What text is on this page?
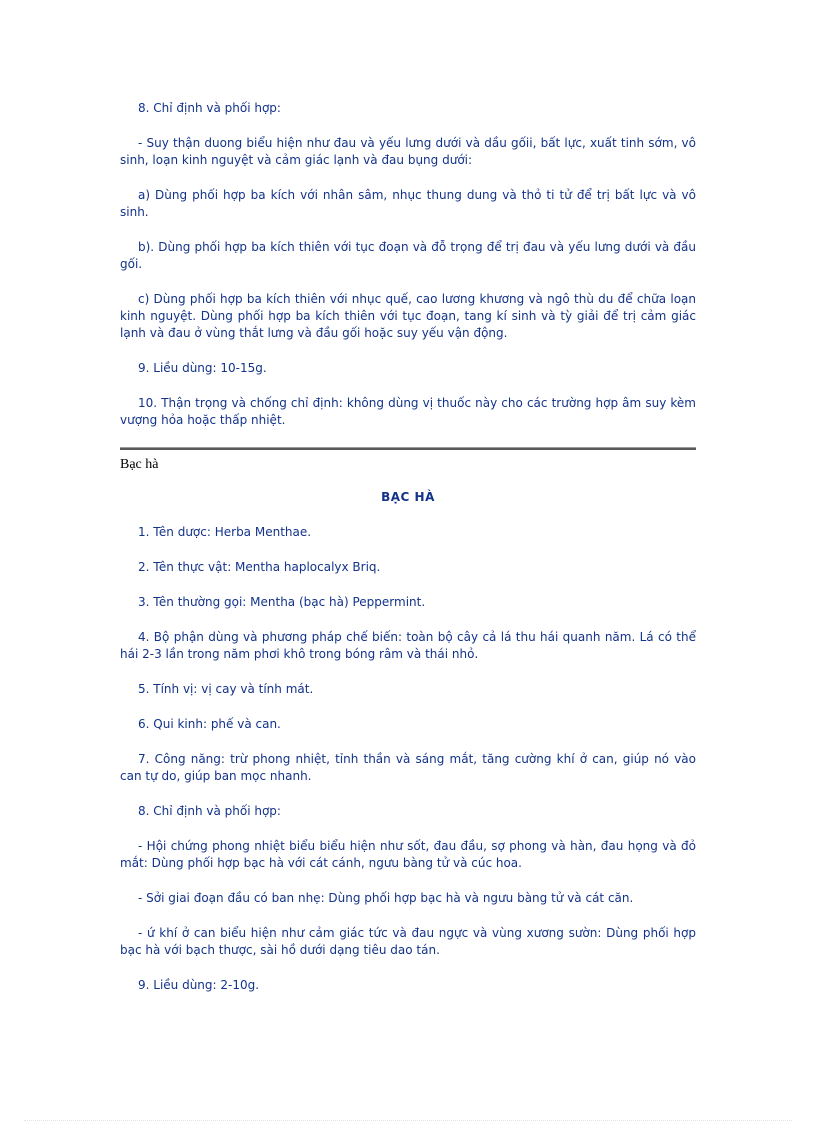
8. Chỉ định và phối hợp:

- Suy thận duong biểu hiện như đau và yếu lưng dưới và dầu gốii, bất lực, xuất tinh sớm, vô sinh, loạn kinh nguyệt và cảm giác lạnh và đau bụng dưới:

a) Dùng phối hợp ba kích với nhân sâm, nhục thung dung và thỏ ti tử để trị bất lực và vô sinh.

b). Dùng phối hợp ba kích thiên với tục đoạn và đỗ trọng để trị đau và yếu lưng dưới và đầu gối.

c) Dùng phối hợp ba kích thiên với nhục quế, cao lương khương và ngô thù du để chữa loạn kinh nguyệt. Dùng phối hợp ba kích thiên với tục đoạn, tang kí sinh và tỳ giải để trị cảm giác lạnh và đau ở vùng thắt lưng và đầu gối hoặc suy yếu vận động.

9. Liều dùng: 10-15g.

10. Thận trọng và chống chỉ định: không dùng vị thuốc này cho các trường hợp âm suy kèm vượng hỏa hoặc thấp nhiệt.

Bạc hà
BẠC HÀ

1. Tên dược: Herba Menthae.

2. Tên thực vật: Mentha haplocalyx Briq.

3. Tên thường gọi: Mentha (bạc hà) Peppermint.

4. Bộ phận dùng và phương pháp chế biến: toàn bộ cây cả lá thu hái quanh năm. Lá có thể hái 2-3 lần trong năm phơi khô trong bóng râm và thái nhỏ.

5. Tính vị: vị cay và tính mát.

6. Qui kinh: phế và can.

7. Công năng: trừ phong nhiệt, tỉnh thần và sáng mắt, tăng cường khí ở can, giúp nó vào can tự do, giúp ban mọc nhanh.

8. Chỉ định và phối hợp:

- Hội chứng phong nhiệt biểu biểu hiện như sốt, đau đầu, sợ phong và hàn, đau họng và đỏ mắt: Dùng phối hợp bạc hà với cát cánh, ngưu bàng tử và cúc hoa.

- Sởi giai đoạn đầu có ban nhẹ: Dùng phối hợp bạc hà và ngưu bàng tử và cát căn.

- ứ khí ở can biểu hiện như cảm giác tức và đau ngực và vùng xương sườn: Dùng phối hợp bạc hà với bạch thược, sài hồ dưới dạng tiêu dao tán.

9. Liều dùng: 2-10g.
